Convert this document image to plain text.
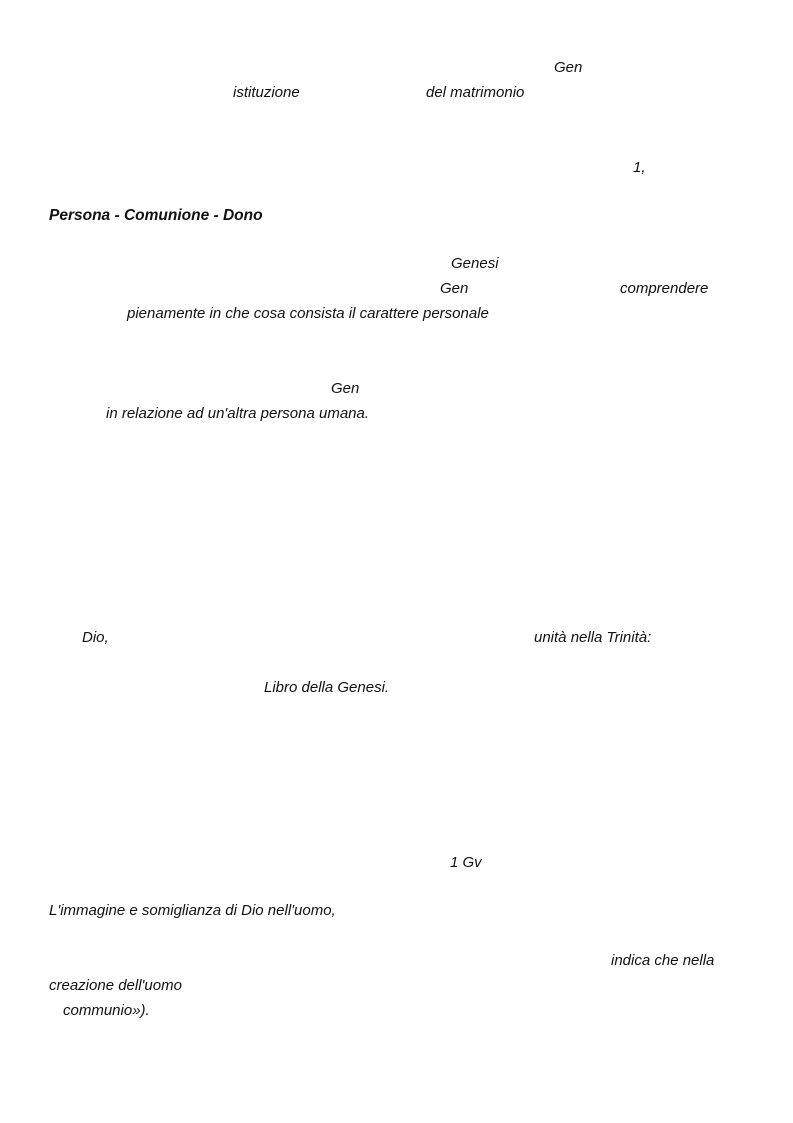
Gen
istituzione	del matrimonio
1,
Persona - Comunione - Dono
Genesi
Gen	comprendere
pienamente in che cosa consista il carattere personale
Gen
in relazione ad un'altra persona umana.
Dio,	unità nella Trinità:
Libro della Genesi.
1 Gv
L'immagine e somiglianza di Dio nell'uomo,
indica che nella
creazione dell'uomo
communio»).
